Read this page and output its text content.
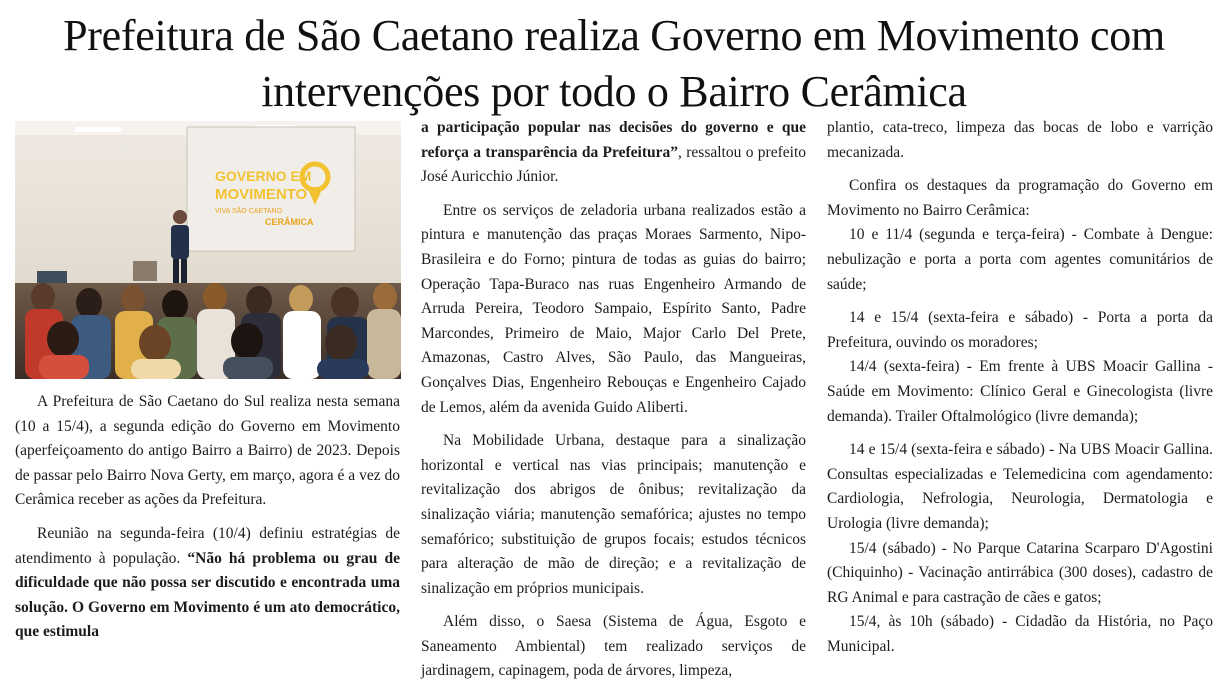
Prefeitura de São Caetano realiza Governo em Movimento com
intervenções por todo o Bairro Cerâmica
GOVERNO EM
MOVIMENTO
VIVA SÃO CAETANO
CERÂMICA

A Prefeitura de São Caetano do Sul realiza nesta semana (10 a 15/4), a segunda edição do Governo em Movimento (aperfeiçoamento do antigo Bairro a Bairro) de 2023. Depois de passar pelo Bairro Nova Gerty, em março, agora é a vez do Cerâmica receber as ações da Prefeitura.

Reunião na segunda-feira (10/4) definiu estratégias de atendimento à população. “Não há problema ou grau de dificuldade que não possa ser discutido e encontrada uma solução. O Governo em Movimento é um ato democrático, que estimula

a participação popular nas decisões do governo e que reforça a transparência da Prefeitura”, ressaltou o prefeito José Auricchio Júnior.

Entre os serviços de zeladoria urbana realizados estão a pintura e manutenção das praças Moraes Sarmento, Nipo-Brasileira e do Forno; pintura de todas as guias do bairro; Operação Tapa-Buraco nas ruas Engenheiro Armando de Arruda Pereira, Teodoro Sampaio, Espírito Santo, Padre Marcondes, Primeiro de Maio, Major Carlo Del Prete, Amazonas, Castro Alves, São Paulo, das Mangueiras, Gonçalves Dias, Engenheiro Rebouças e Engenheiro Cajado de Lemos, além da avenida Guido Aliberti.

Na Mobilidade Urbana, destaque para a sinalização horizontal e vertical nas vias principais; manutenção e revitalização dos abrigos de ônibus; revitalização da sinalização viária; manutenção semafórica; ajustes no tempo semafórico; substituição de grupos focais; estudos técnicos para alteração de mão de direção; e a revitalização de sinalização em próprios municipais.

Além disso, o Saesa (Sistema de Água, Esgoto e Saneamento Ambiental) tem realizado serviços de jardinagem, capinagem, poda de árvores, limpeza,

plantio, cata-treco, limpeza das bocas de lobo e varrição mecanizada.

Confira os destaques da programação do Governo em Movimento no Bairro Cerâmica:

10 e 11/4 (segunda e terça-feira) - Combate à Dengue: nebulização e porta a porta com agentes comunitários de saúde;

14 e 15/4 (sexta-feira e sábado) - Porta a porta da Prefeitura, ouvindo os moradores;

14/4 (sexta-feira) - Em frente à UBS Moacir Gallina - Saúde em Movimento: Clínico Geral e Ginecologista (livre demanda). Trailer Oftalmológico (livre demanda);

14 e 15/4 (sexta-feira e sábado) - Na UBS Moacir Gallina. Consultas especializadas e Telemedicina com agendamento: Cardiologia, Nefrologia, Neurologia, Dermatologia e Urologia (livre demanda);

15/4 (sábado) - No Parque Catarina Scarparo D'Agostini (Chiquinho) - Vacinação antirrábica (300 doses), cadastro de RG Animal e para castração de cães e gatos;

15/4, às 10h (sábado) - Cidadão da História, no Paço Municipal.
